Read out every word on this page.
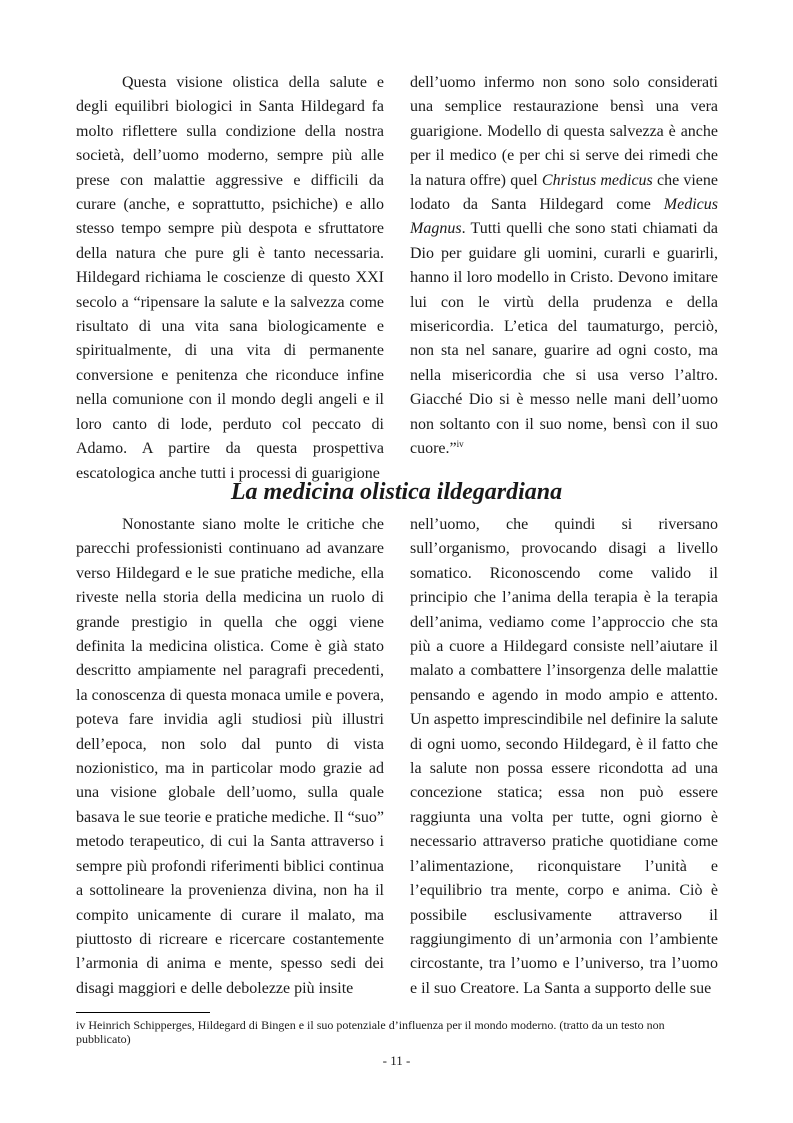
Questa visione olistica della salute e degli equilibri biologici in Santa Hildegard fa molto riflettere sulla condizione della nostra società, dell’uomo moderno, sempre più alle prese con malattie aggressive e difficili da curare (anche, e soprattutto, psichiche) e allo stesso tempo sempre più despota e sfruttatore della natura che pure gli è tanto necessaria. Hildegard richiama le coscienze di questo XXI secolo a “ripensare la salute e la salvezza come risultato di una vita sana biologicamente e spiritualmente, di una vita di permanente conversione e penitenza che riconduce infine nella comunione con il mondo degli angeli e il loro canto di lode, perduto col peccato di Adamo. A partire da questa prospettiva escatologica anche tutti i processi di guarigione

dell’uomo infermo non sono solo considerati una semplice restaurazione bensì una vera guarigione. Modello di questa salvezza è anche per il medico (e per chi si serve dei rimedi che la natura offre) quel Christus medicus che viene lodato da Santa Hildegard come Medicus Magnus. Tutti quelli che sono stati chiamati da Dio per guidare gli uomini, curarli e guarirli, hanno il loro modello in Cristo. Devono imitare lui con le virtù della prudenza e della misericordia. L’etica del taumaturgo, perciò, non sta nel sanare, guarire ad ogni costo, ma nella misericordia che si usa verso l’altro. Giacché Dio si è messo nelle mani dell’uomo non soltanto con il suo nome, bensì con il suo cuore.”$^{iv}$

La medicina olistica ildegardiana

Nonostante siano molte le critiche che parecchi professionisti continuano ad avanzare verso Hildegard e le sue pratiche mediche, ella riveste nella storia della medicina un ruolo di grande prestigio in quella che oggi viene definita la medicina olistica. Come è già stato descritto ampiamente nel paragrafi precedenti, la conoscenza di questa monaca umile e povera, poteva fare invidia agli studiosi più illustri dell’epoca, non solo dal punto di vista nozionistico, ma in particolar modo grazie ad una visione globale dell’uomo, sulla quale basava le sue teorie e pratiche mediche. Il “suo” metodo terapeutico, di cui la Santa attraverso i sempre più profondi riferimenti biblici continua a sottolineare la provenienza divina, non ha il compito unicamente di curare il malato, ma piuttosto di ricreare e ricercare costantemente l’armonia di anima e mente, spesso sedi dei disagi maggiori e delle debolezze più insite

nell’uomo, che quindi si riversano sull’organismo, provocando disagi a livello somatico. Riconoscendo come valido il principio che l’anima della terapia è la terapia dell’anima, vediamo come l’approccio che sta più a cuore a Hildegard consiste nell’aiutare il malato a combattere l’insorgenza delle malattie pensando e agendo in modo ampio e attento. Un aspetto imprescindibile nel definire la salute di ogni uomo, secondo Hildegard, è il fatto che la salute non possa essere ricondotta ad una concezione statica; essa non può essere raggiunta una volta per tutte, ogni giorno è necessario attraverso pratiche quotidiane come l’alimentazione, riconquistare l’unità e l’equilibrio tra mente, corpo e anima. Ciò è possibile esclusivamente attraverso il raggiungimento di un’armonia con l’ambiente circostante, tra l’uomo e l’universo, tra l’uomo e il suo Creatore. La Santa a supporto delle sue

iv Heinrich Schipperges, Hildegard di Bingen e il suo potenziale d’influenza per il mondo moderno. (tratto da un testo non pubblicato)

- 11 -
